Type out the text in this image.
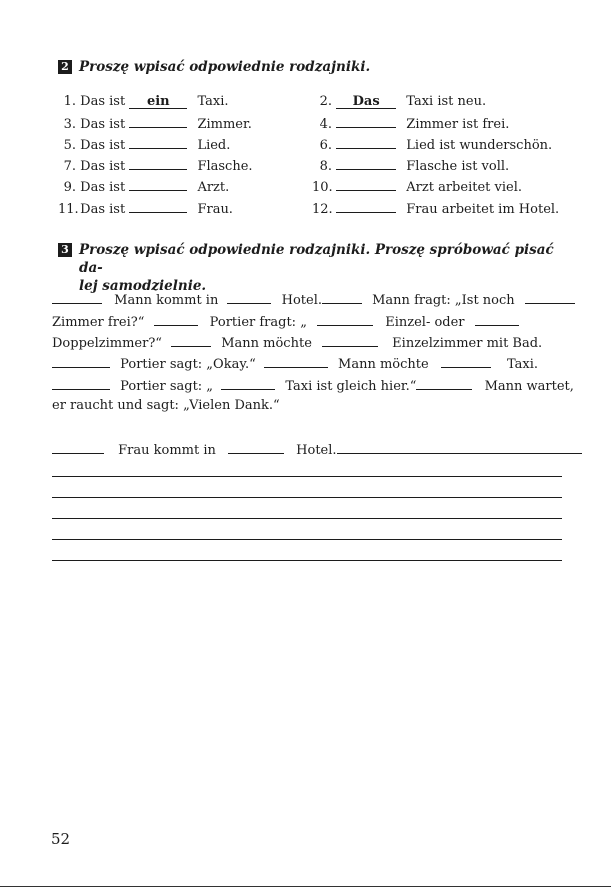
2 Proszę wpisać odpowiednie rodzajniki.
1. Das ist ein Taxi.
3. Das ist	Zimmer.
5. Das ist	Lied.
7. Das ist	Flasche.
9. Das ist	Arzt.
11. Das ist	Frau.
2. Das Taxi ist neu.
4.	Zimmer ist frei.
6.	Lied ist wunderschön.
8.	Flasche ist voll.
10.	Arzt arbeitet viel.
12.	Frau arbeitet im Hotel.
3 Proszę wpisać odpowiednie rodzajniki. Proszę spróbować pisać da-
lej samodzielnie.
Mann kommt in	Hotel.	Mann fragt: „Ist noch
Zimmer frei?“	Portier fragt: „	Einzel- oder
Doppelzimmer?“	Mann möchte	Einzelzimmer mit Bad.
Portier sagt: „Okay.“	Mann möchte	Taxi.
Portier sagt: „	Taxi ist gleich hier.“	Mann wartet,
er raucht und sagt: „Vielen Dank.“
Frau kommt in	Hotel.
52
